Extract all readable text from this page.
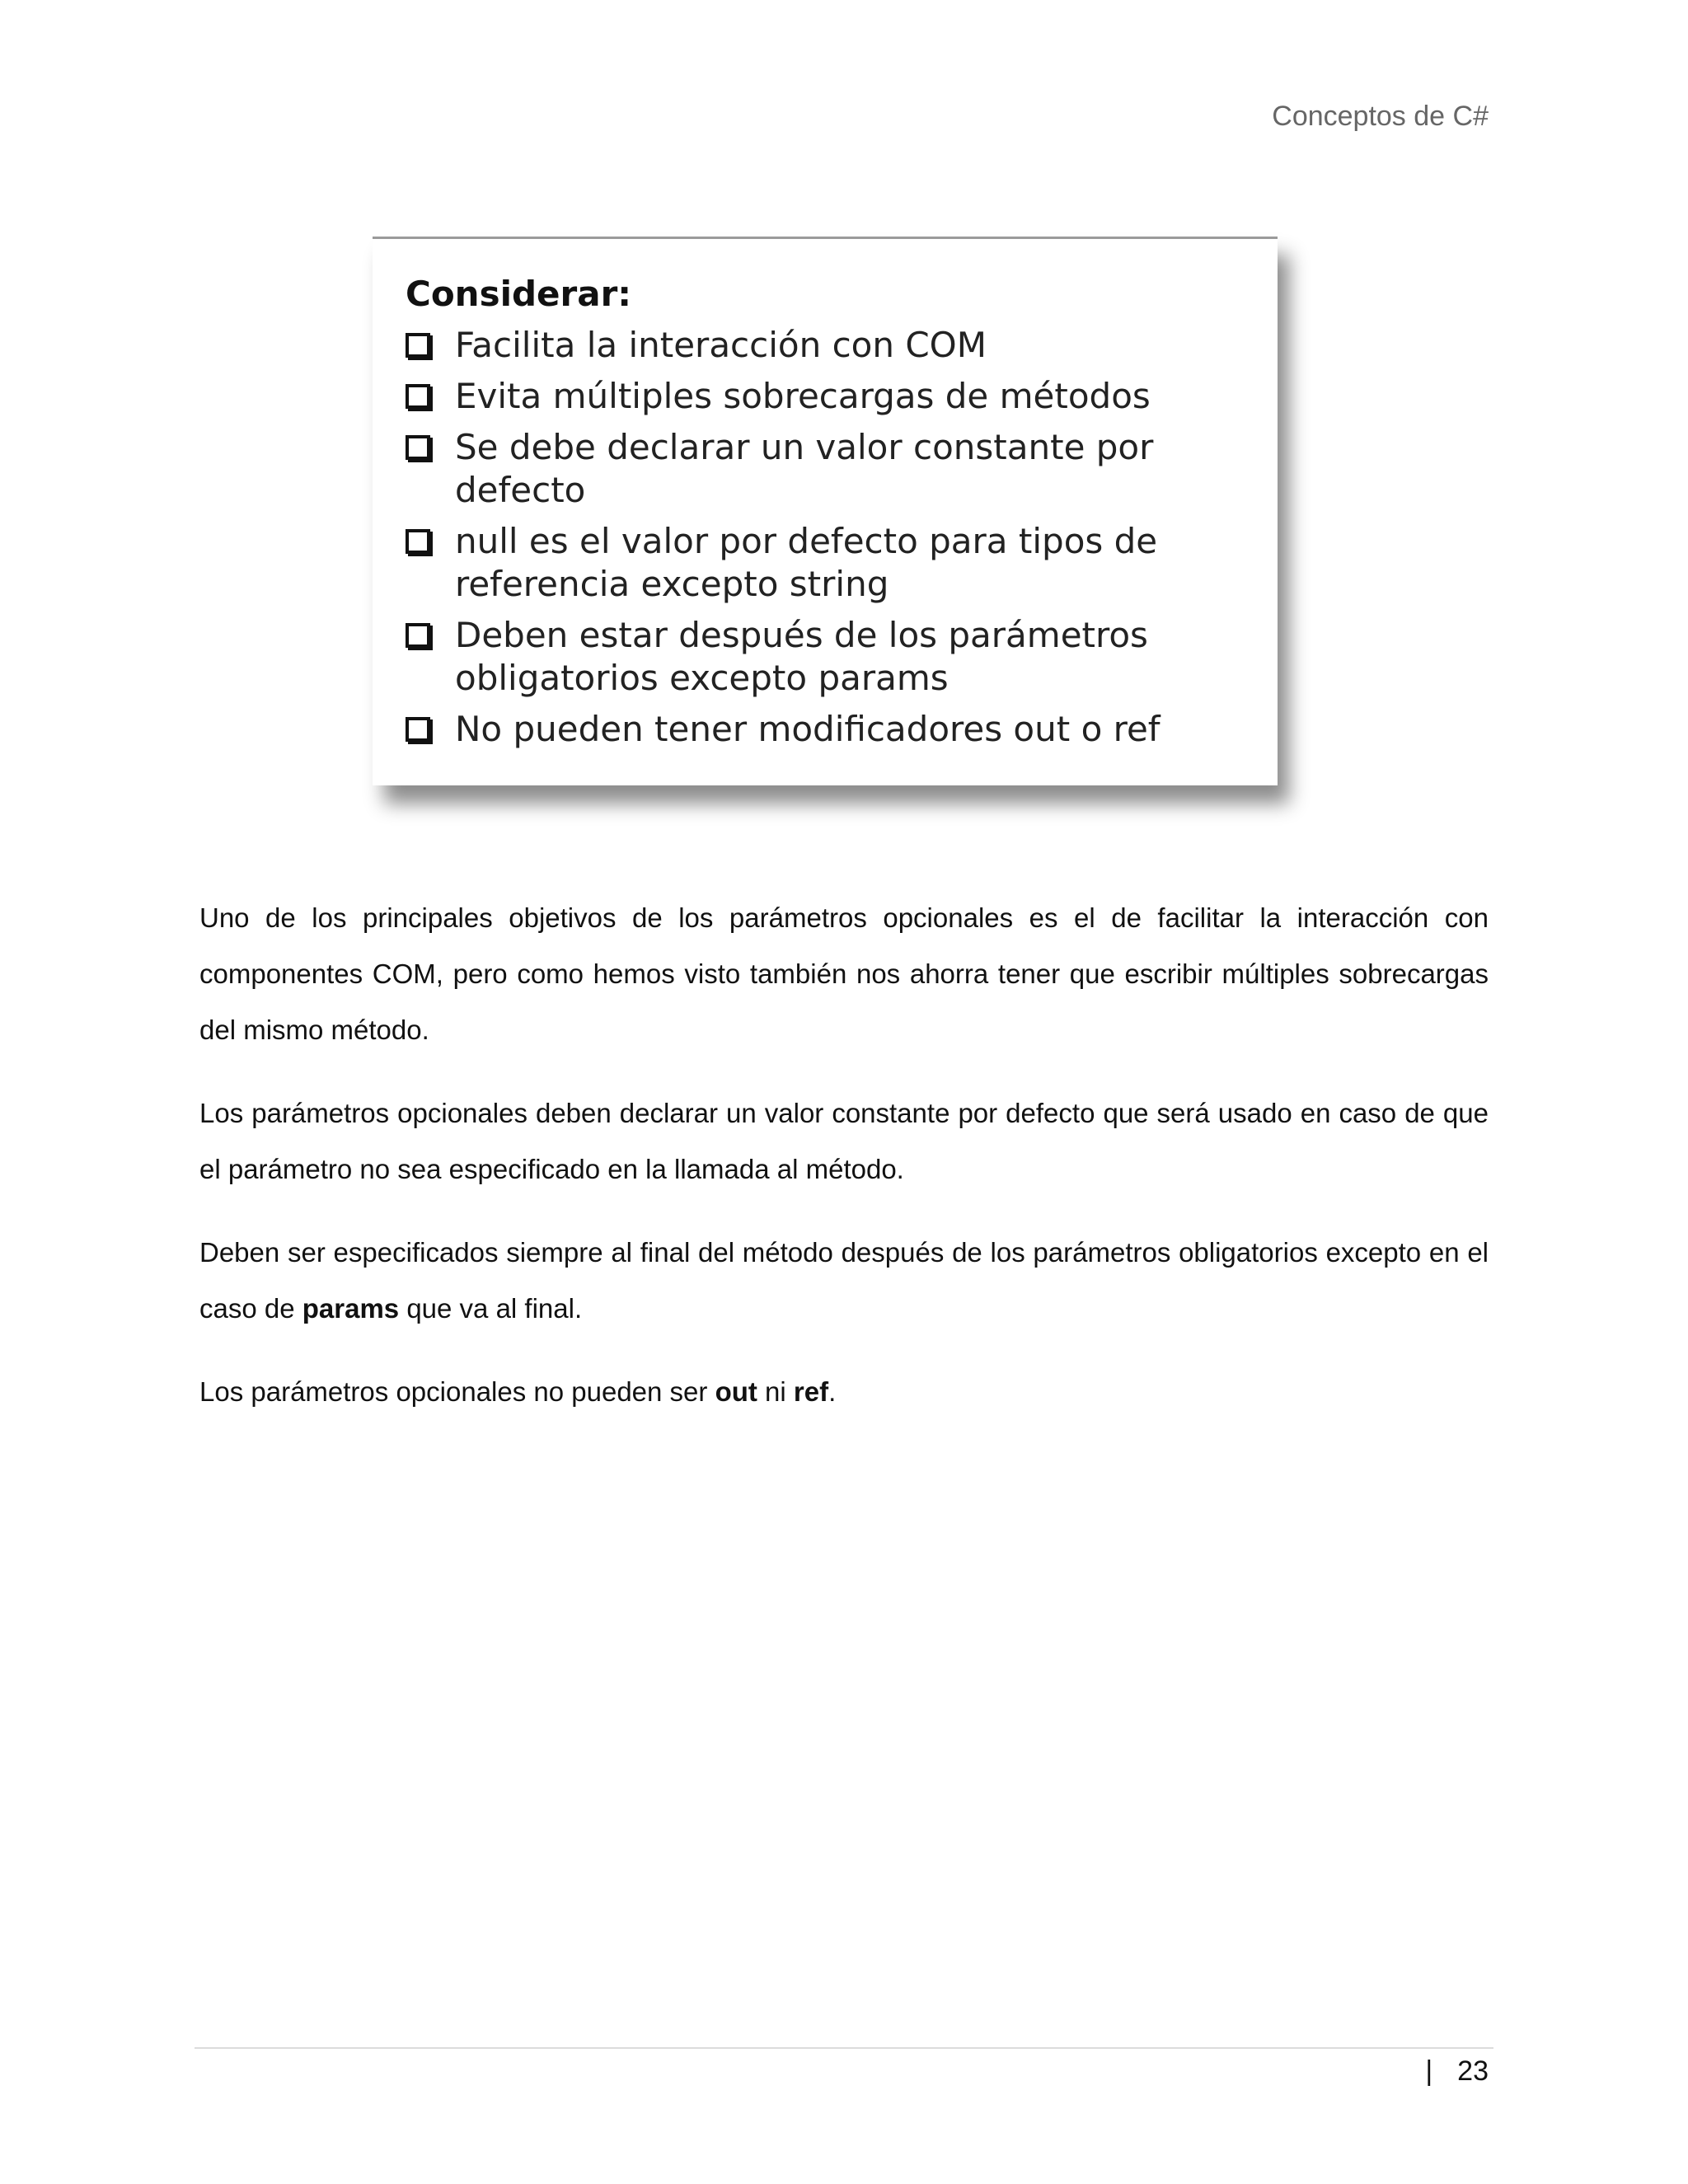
Conceptos de C#
Considerar:
Facilita la interacción con COM
Evita múltiples sobrecargas de métodos
Se debe declarar un valor constante por defecto
null es el valor por defecto para tipos de referencia excepto string
Deben estar después de los parámetros obligatorios excepto params
No pueden tener modificadores out o ref

Uno de los principales objetivos de los parámetros opcionales es el de facilitar la interacción con componentes COM, pero como hemos visto también nos ahorra tener que escribir múltiples sobrecargas del mismo método.

Los parámetros opcionales deben declarar un valor constante por defecto que será usado en caso de que el parámetro no sea especificado en la llamada al método.

Deben ser especificados siempre al final del método después de los parámetros obligatorios excepto en el caso de params que va al final.

Los parámetros opcionales no pueden ser out ni ref.

| 23
